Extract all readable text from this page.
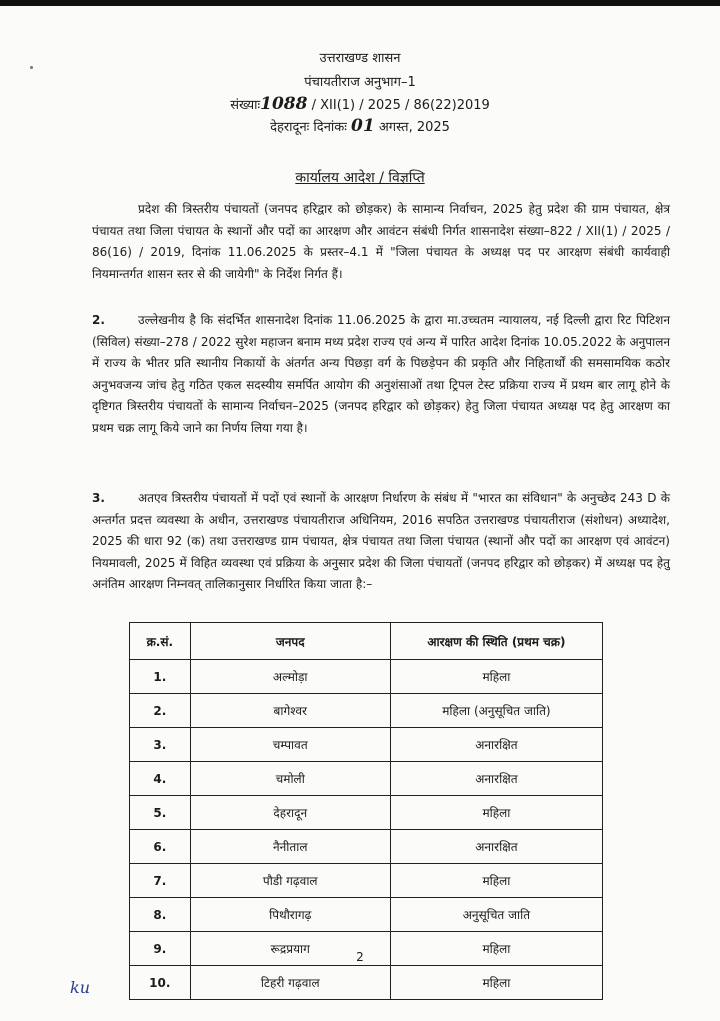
उत्तराखण्ड शासन
पंचायतीराज अनुभाग–1
संख्याः1088 / XII(1) / 2025 / 86(22)2019
देहरादूनः दिनांकः 01 अगस्त, 2025
कार्यालय आदेश / विज्ञप्ति

प्रदेश की त्रिस्तरीय पंचायतों (जनपद हरिद्वार को छोड़कर) के सामान्य निर्वाचन, 2025 हेतु प्रदेश की ग्राम पंचायत, क्षेत्र पंचायत तथा जिला पंचायत के स्थानों और पदों का आरक्षण और आवंटन संबंधी निर्गत शासनादेश संख्या–822 / XII(1) / 2025 / 86(16) / 2019, दिनांक 11.06.2025 के प्रस्तर–4.1 में "जिला पंचायत के अध्यक्ष पद पर आरक्षण संबंधी कार्यवाही नियमान्तर्गत शासन स्तर से की जायेगी" के निर्देश निर्गत हैं।

2.	उल्लेखनीय है कि संदर्भित शासनादेश दिनांक 11.06.2025 के द्वारा मा.उच्चतम न्यायालय, नई दिल्ली द्वारा रिट पिटिशन (सिविल) संख्या–278 / 2022 सुरेश महाजन बनाम मध्य प्रदेश राज्य एवं अन्य में पारित आदेश दिनांक 10.05.2022 के अनुपालन में राज्य के भीतर प्रति स्थानीय निकायों के अंतर्गत अन्य पिछड़ा वर्ग के पिछड़ेपन की प्रकृति और निहितार्थों की समसामयिक कठोर अनुभवजन्य जांच हेतु गठित एकल सदस्यीय समर्पित आयोग की अनुशंसाओं तथा ट्रिपल टेस्ट प्रक्रिया राज्य में प्रथम बार लागू होने के दृष्टिगत त्रिस्तरीय पंचायतों के सामान्य निर्वाचन–2025 (जनपद हरिद्वार को छोड़कर) हेतु जिला पंचायत अध्यक्ष पद हेतु आरक्षण का प्रथम चक्र लागू किये जाने का निर्णय लिया गया है।

3.	अतएव त्रिस्तरीय पंचायतों में पदों एवं स्थानों के आरक्षण निर्धारण के संबंध में "भारत का संविधान" के अनुच्छेद 243 D के अन्तर्गत प्रदत्त व्यवस्था के अधीन, उत्तराखण्ड पंचायतीराज अधिनियम, 2016 सपठित उत्तराखण्ड पंचायतीराज (संशोधन) अध्यादेश, 2025 की धारा 92 (क) तथा उत्तराखण्ड ग्राम पंचायत, क्षेत्र पंचायत तथा जिला पंचायत (स्थानों और पदों का आरक्षण एवं आवंटन) नियमावली, 2025 में विहित व्यवस्था एवं प्रक्रिया के अनुसार प्रदेश की जिला पंचायतों (जनपद हरिद्वार को छोड़कर) में अध्यक्ष पद हेतु अनंतिम आरक्षण निम्नवत् तालिकानुसार निर्धारित किया जाता है:–

क्र.सं.	जनपद	आरक्षण की स्थिति (प्रथम चक्र)
1.	अल्मोड़ा	महिला
2.	बागेश्वर	महिला (अनुसूचित जाति)
3.	चम्पावत	अनारक्षित
4.	चमोली	अनारक्षित
5.	देहरादून	महिला
6.	नैनीताल	अनारक्षित
7.	पौडी गढ़वाल	महिला
8.	पिथौरागढ़	अनुसूचित जाति
9.	रूद्रप्रयाग	महिला
10.	टिहरी गढ़वाल	महिला
2
ku
